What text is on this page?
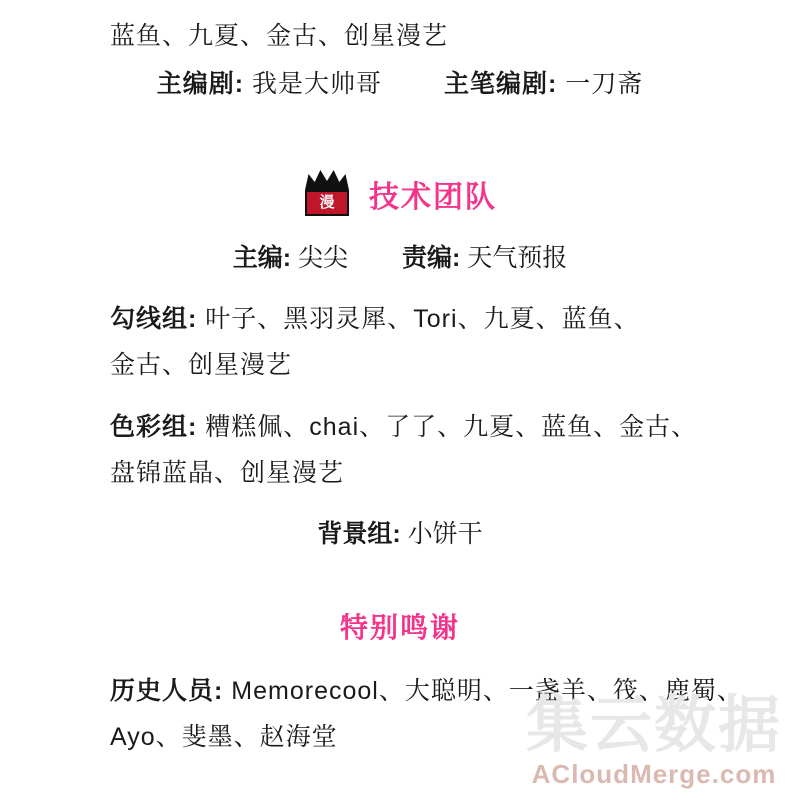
蓝鱼、九夏、金古、创星漫艺
主编剧: 我是大帅哥 主笔编剧: 一刀斋
漫	技术团队
主编: 尖尖 责编: 天气预报
勾线组: 叶子、黑羽灵犀、Tori、九夏、蓝鱼、
金古、创星漫艺
色彩组: 糟糕佩、chai、了了、九夏、蓝鱼、金古、
盘锦蓝晶、创星漫艺
背景组: 小饼干
特别鸣谢
历史人员: Memorecool、大聪明、一盏羊、筏、鹿蜀、
Ayo、斐墨、赵海堂	集云数据
ACloudMerge.com
